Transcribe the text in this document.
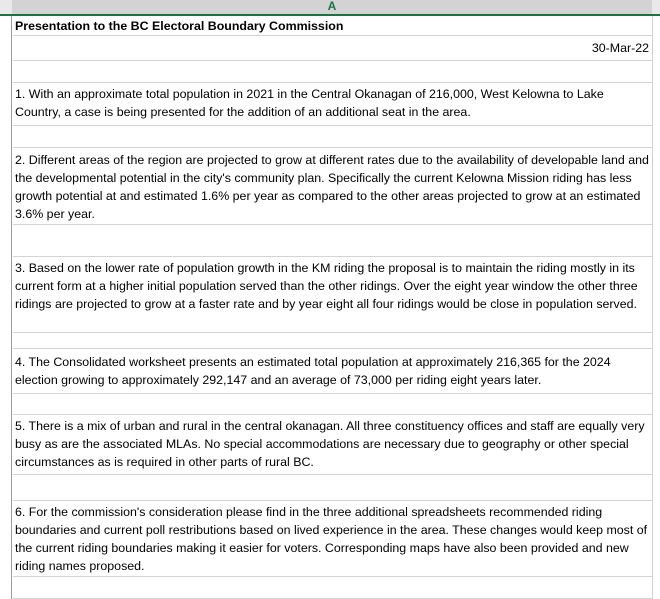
A
Presentation to the BC Electoral Boundary Commission
30-Mar-22
1. With an approximate total population in 2021 in the Central Okanagan of 216,000, West Kelowna to Lake Country, a case is being presented for the addition of an additional seat in the area.
2. Different areas of the region are projected to grow at different rates due to the availability of developable land and the developmental potential in the city's community plan. Specifically the current Kelowna Mission riding has less growth potential at and estimated 1.6% per year as compared to the other areas projected to grow at an estimated 3.6% per year.
3. Based on the lower rate of population growth in the KM riding the proposal is to maintain the riding mostly in its current form at a higher initial population served than the other ridings. Over the eight year window the other three ridings are projected to grow at a faster rate and by year eight all four ridings would be close in population served.
4. The Consolidated worksheet presents an estimated total population at approximately 216,365 for the 2024 election growing to approximately 292,147 and an average of 73,000 per riding eight years later.
5. There is a mix of urban and rural in the central okanagan. All three constituency offices and staff are equally very busy as are the associated MLAs. No special accommodations are necessary due to geography or other special circumstances as is required in other parts of rural BC.
6. For the commission's consideration please find in the three additional spreadsheets recommended riding boundaries and current poll restributions based on lived experience in the area. These changes would keep most of the current riding boundaries making it easier for voters. Corresponding maps have also been provided and new riding names proposed.
